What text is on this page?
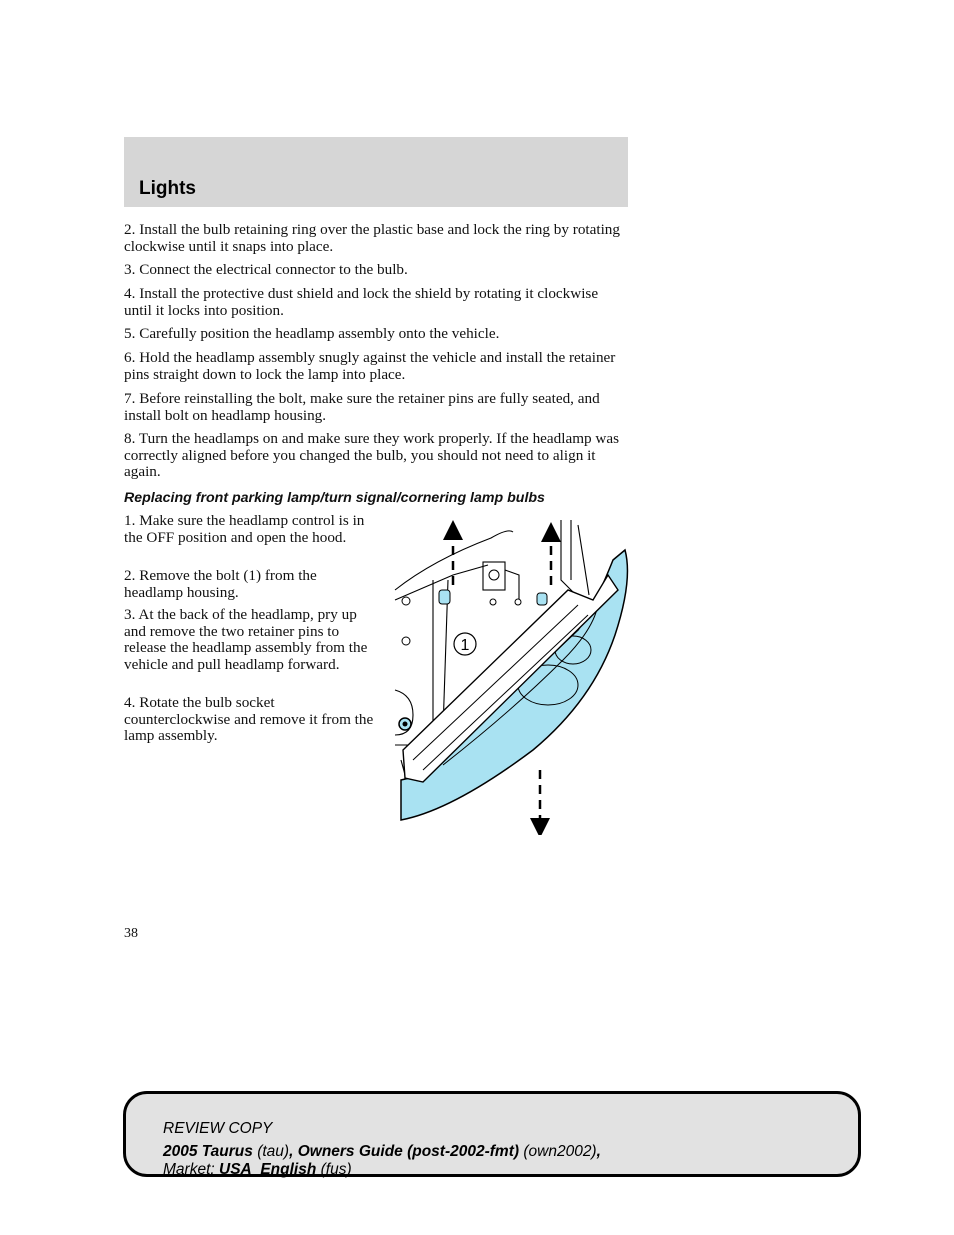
Lights

2. Install the bulb retaining ring over the plastic base and lock the ring by rotating clockwise until it snaps into place.

3. Connect the electrical connector to the bulb.

4. Install the protective dust shield and lock the shield by rotating it clockwise until it locks into position.

5. Carefully position the headlamp assembly onto the vehicle.

6. Hold the headlamp assembly snugly against the vehicle and install the retainer pins straight down to lock the lamp into place.

7. Before reinstalling the bolt, make sure the retainer pins are fully seated, and install bolt on headlamp housing.

8. Turn the headlamps on and make sure they work properly. If the headlamp was correctly aligned before you changed the bulb, you should not need to align it again.

Replacing front parking lamp/turn signal/cornering lamp bulbs

1. Make sure the headlamp control is in the OFF position and open the hood.

2. Remove the bolt (1) from the headlamp housing.

3. At the back of the headlamp, pry up and remove the two retainer pins to release the headlamp assembly from the vehicle and pull headlamp forward.

4. Rotate the bulb socket counterclockwise and remove it from the lamp assembly.

1
38
REVIEW COPY
2005 Taurus (tau), Owners Guide (post-2002-fmt) (own2002),
Market: USA_English (fus)
